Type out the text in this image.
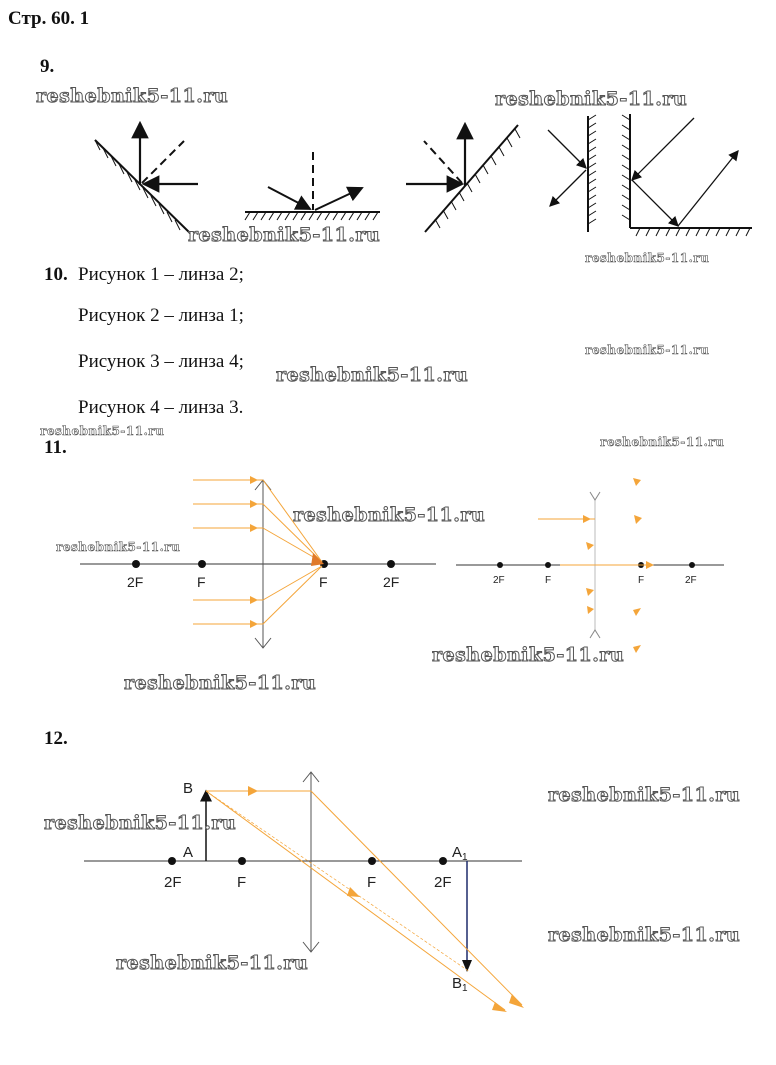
Стр. 60. 1
9.
10. Рисунок 1 – линза 2;
Рисунок 2 – линза 1;
Рисунок 3 – линза 4;
Рисунок 4 – линза 3.
11.
12.
2F	F	F	2F	2F	F	F	2F
B
A
2F	F	F	2F
$A_1$
$B_1$
reshebnik5-11.ru	reshebnik5-11.ru
reshebnik5-11.ru
reshebnik5-11.ru
reshebnik5-11.ru
reshebnik5-11.ru
reshebnik5-11.ru
reshebnik5-11.ru
reshebnik5-11.ru
reshebnik5-11.ru
reshebnik5-11.ru
reshebnik5-11.ru
reshebnik5-11.ru
reshebnik5-11.ru
reshebnik5-11.ru
reshebnik5-11.ru
